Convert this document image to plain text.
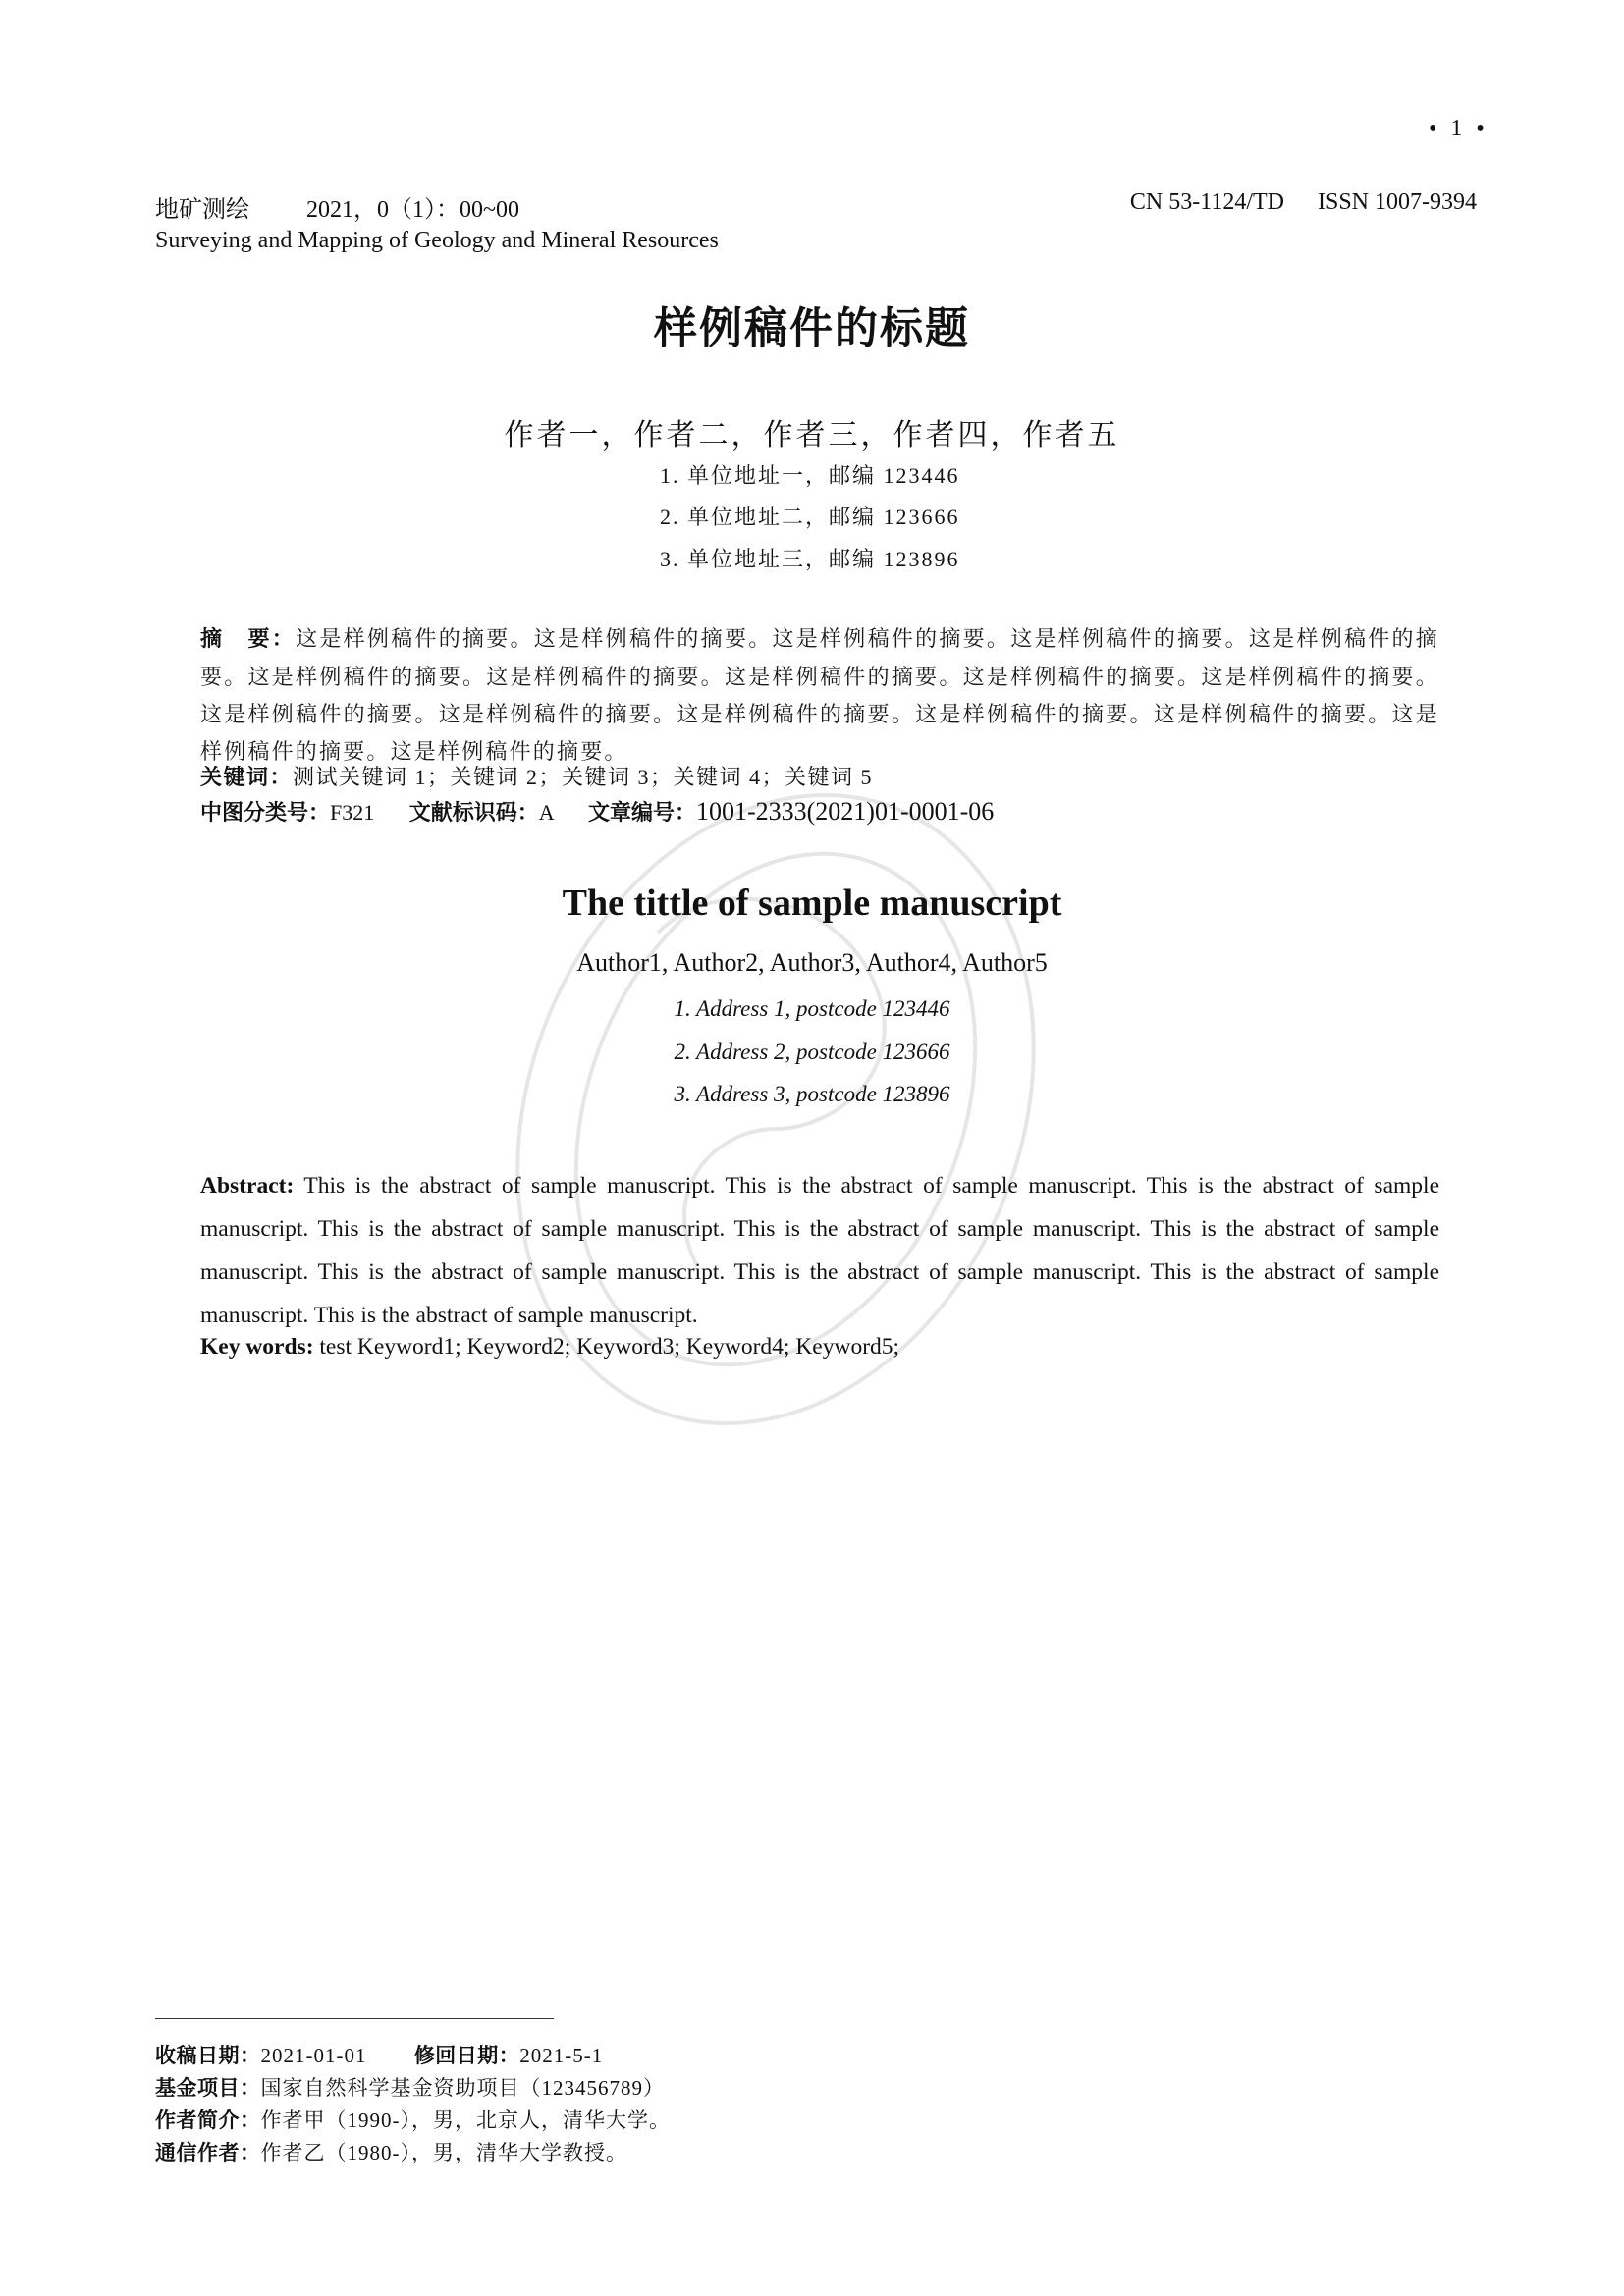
• 1 •
地矿测绘 2021，0（1）：00~00	CN 53-1124/TD ISSN 1007-9394
Surveying and Mapping of Geology and Mineral Resources
样例稿件的标题
作者一，作者二，作者三，作者四，作者五
1. 单位地址一，邮编 123446
2. 单位地址二，邮编 123666
3. 单位地址三，邮编 123896
摘　要：这是样例稿件的摘要。这是样例稿件的摘要。这是样例稿件的摘要。这是样例稿件的摘要。这是样例稿件的摘要。这是样例稿件的摘要。这是样例稿件的摘要。这是样例稿件的摘要。这是样例稿件的摘要。这是样例稿件的摘要。这是样例稿件的摘要。这是样例稿件的摘要。这是样例稿件的摘要。这是样例稿件的摘要。这是样例稿件的摘要。这是样例稿件的摘要。这是样例稿件的摘要。
关键词：测试关键词 1；关键词 2；关键词 3；关键词 4；关键词 5
中图分类号：F321 文献标识码：A 文章编号：1001-2333(2021)01-0001-06
The tittle of sample manuscript
Author1, Author2, Author3, Author4, Author5
1. Address 1, postcode 123446
2. Address 2, postcode 123666
3. Address 3, postcode 123896
Abstract: This is the abstract of sample manuscript. This is the abstract of sample manuscript. This is the abstract of sample manuscript. This is the abstract of sample manuscript. This is the abstract of sample manuscript. This is the abstract of sample manuscript. This is the abstract of sample manuscript. This is the abstract of sample manuscript. This is the abstract of sample manuscript. This is the abstract of sample manuscript.
Key words: test Keyword1; Keyword2; Keyword3; Keyword4; Keyword5;
收稿日期：2021-01-01 修回日期：2021-5-1
基金项目：国家自然科学基金资助项目（123456789）
作者简介：作者甲（1990-），男，北京人，清华大学。
通信作者：作者乙（1980-），男，清华大学教授。
